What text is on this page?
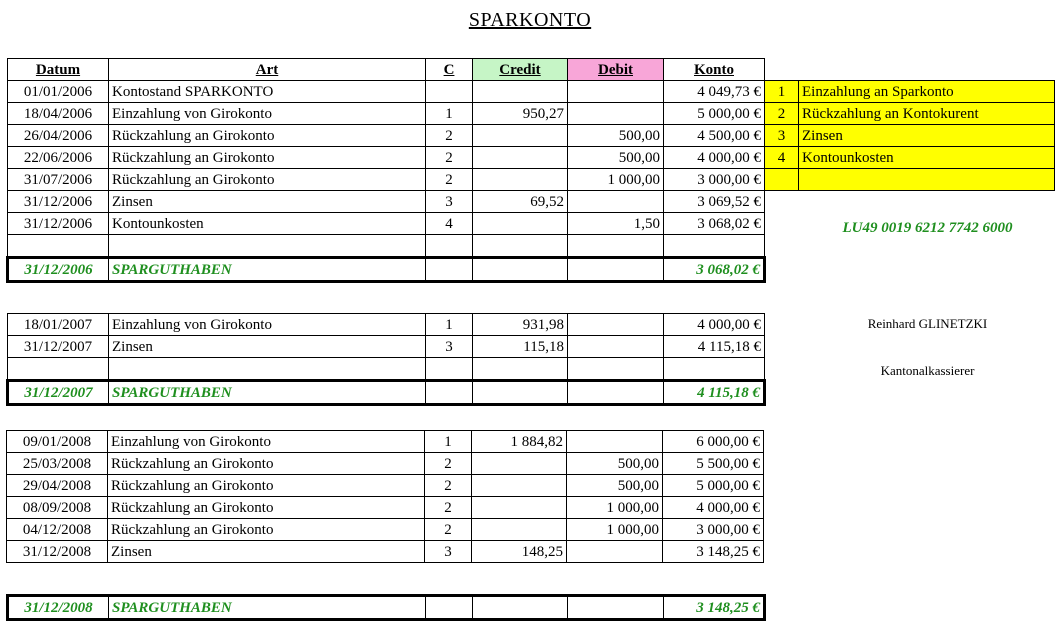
SPARKONTO
Datum	Art	C	Credit	Debit	Konto
01/01/2006	Kontostand SPARKONTO				4 049,73 €
18/04/2006	Einzahlung von Girokonto	1	950,27		5 000,00 €
26/04/2006	Rückzahlung an Girokonto	2		500,00	4 500,00 €
22/06/2006	Rückzahlung an Girokonto	2		500,00	4 000,00 €
31/07/2006	Rückzahlung an Girokonto	2		1 000,00	3 000,00 €
31/12/2006	Zinsen	3	69,52		3 069,52 €
31/12/2006	Kontounkosten	4		1,50	3 068,02 €

31/12/2006	SPARGUTHABEN				3 068,02 €
18/01/2007	Einzahlung von Girokonto	1	931,98		4 000,00 €
31/12/2007	Zinsen	3	115,18		4 115,18 €

31/12/2007	SPARGUTHABEN				4 115,18 €
09/01/2008	Einzahlung von Girokonto	1	1 884,82		6 000,00 €
25/03/2008	Rückzahlung an Girokonto	2		500,00	5 500,00 €
29/04/2008	Rückzahlung an Girokonto	2		500,00	5 000,00 €
08/09/2008	Rückzahlung an Girokonto	2		1 000,00	4 000,00 €
04/12/2008	Rückzahlung an Girokonto	2		1 000,00	3 000,00 €
31/12/2008	Zinsen	3	148,25		3 148,25 €
31/12/2008	SPARGUTHABEN				3 148,25 €
1	Einzahlung an Sparkonto
2	Rückzahlung an Kontokurent
3	Zinsen
4	Kontounkosten

LU49 0019 6212 7742 6000
Reinhard GLINETZKI
Kantonalkassierer
